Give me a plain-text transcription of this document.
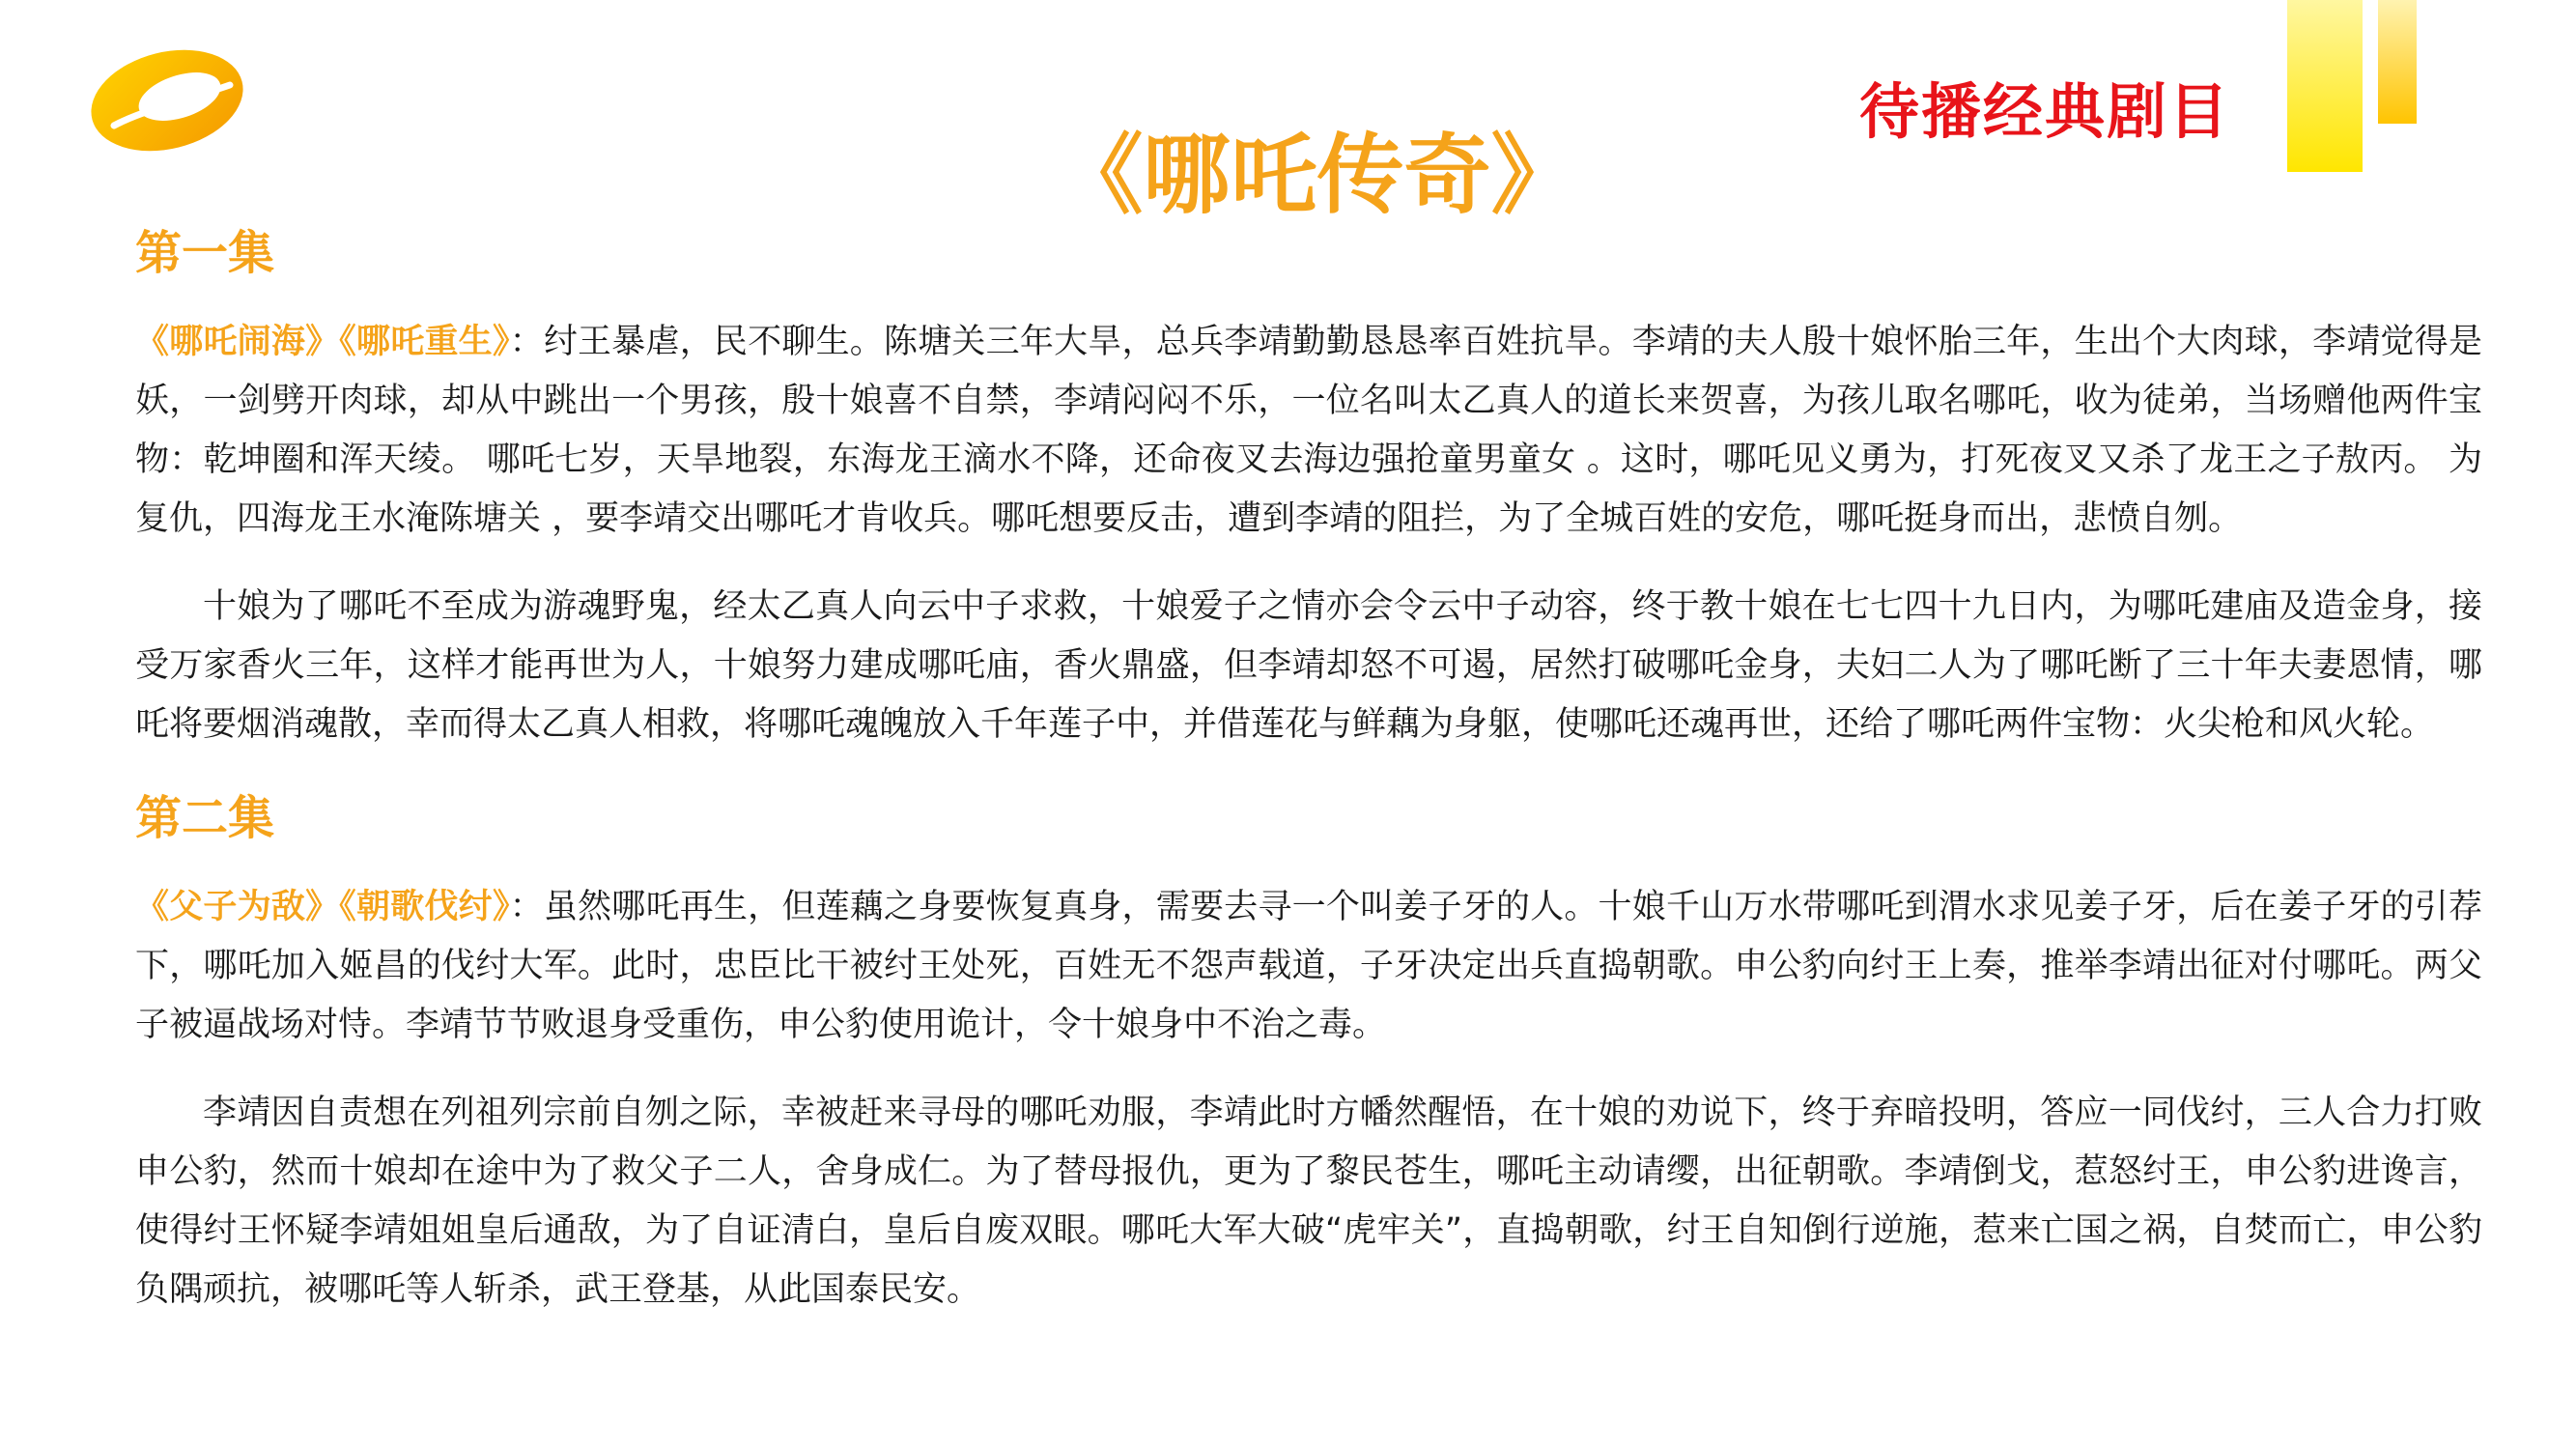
待播经典剧目
《哪吒传奇》
第一集

《哪吒闹海》《哪吒重生》：纣王暴虐，民不聊生。陈塘关三年大旱，总兵李靖勤勤恳恳率百姓抗旱。李靖的夫人殷十娘怀胎三年，生出个大肉球，李靖觉得是妖，一剑劈开肉球，却从中跳出一个男孩，殷十娘喜不自禁，李靖闷闷不乐，一位名叫太乙真人的道长来贺喜，为孩儿取名哪吒，收为徒弟，当场赠他两件宝物：乾坤圈和浑天绫。 哪吒七岁，天旱地裂，东海龙王滴水不降，还命夜叉去海边强抢童男童女 。这时，哪吒见义勇为，打死夜叉又杀了龙王之子敖丙。 为复仇，四海龙王水淹陈塘关 ，要李靖交出哪吒才肯收兵。哪吒想要反击，遭到李靖的阻拦，为了全城百姓的安危，哪吒挺身而出，悲愤自刎。

十娘为了哪吒不至成为游魂野鬼，经太乙真人向云中子求救，十娘爱子之情亦会令云中子动容，终于教十娘在七七四十九日内，为哪吒建庙及造金身，接受万家香火三年，这样才能再世为人，十娘努力建成哪吒庙，香火鼎盛，但李靖却怒不可遏，居然打破哪吒金身，夫妇二人为了哪吒断了三十年夫妻恩情，哪吒将要烟消魂散，幸而得太乙真人相救，将哪吒魂魄放入千年莲子中，并借莲花与鲜藕为身躯，使哪吒还魂再世，还给了哪吒两件宝物：火尖枪和风火轮。

第二集

《父子为敌》《朝歌伐纣》：虽然哪吒再生，但莲藕之身要恢复真身，需要去寻一个叫姜子牙的人。十娘千山万水带哪吒到渭水求见姜子牙，后在姜子牙的引荐下，哪吒加入姬昌的伐纣大军。此时，忠臣比干被纣王处死，百姓无不怨声载道，子牙决定出兵直捣朝歌。申公豹向纣王上奏，推举李靖出征对付哪吒。两父子被逼战场对恃。李靖节节败退身受重伤，申公豹使用诡计，令十娘身中不治之毒。

李靖因自责想在列祖列宗前自刎之际，幸被赶来寻母的哪吒劝服，李靖此时方幡然醒悟，在十娘的劝说下，终于弃暗投明，答应一同伐纣，三人合力打败申公豹，然而十娘却在途中为了救父子二人，舍身成仁。为了替母报仇，更为了黎民苍生，哪吒主动请缨，出征朝歌。李靖倒戈，惹怒纣王，申公豹进谗言，使得纣王怀疑李靖姐姐皇后通敌，为了自证清白，皇后自废双眼。哪吒大军大破“虎牢关”，直捣朝歌，纣王自知倒行逆施，惹来亡国之祸，自焚而亡，申公豹负隅顽抗，被哪吒等人斩杀，武王登基，从此国泰民安。
